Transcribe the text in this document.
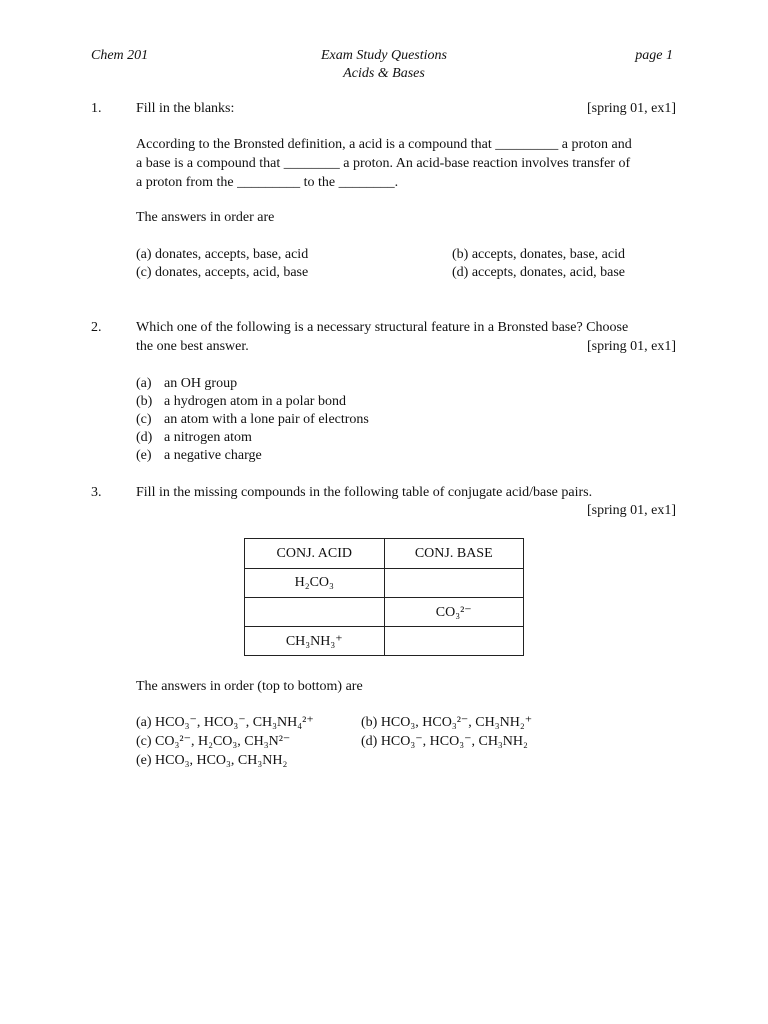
Chem 201	Exam Study Questions
Acids & Bases
page 1
1. Fill in the blanks:	[spring 01, ex1]
According to the Bronsted definition, a acid is a compound that _________ a proton and
a base is a compound that ________ a proton. An acid-base reaction involves transfer of
a proton from the _________ to the ________.
The answers in order are
(a) donates, accepts, base, acid	(b) accepts, donates, base, acid
(c) donates, accepts, acid, base	(d) accepts, donates, acid, base
2. Which one of the following is a necessary structural feature in a Bronsted base? Choose
the one best answer.	[spring 01, ex1]
(a) an OH group
(b) a hydrogen atom in a polar bond
(c) an atom with a lone pair of electrons
(d) a nitrogen atom
(e) a negative charge
3. Fill in the missing compounds in the following table of conjugate acid/base pairs.
[spring 01, ex1]
CONJ. ACID	CONJ. BASE
H₂CO₃	
	CO₃²⁻
CH₃NH₃⁺	
The answers in order (top to bottom) are
(a) HCO₃⁻, HCO₃⁻, CH₃NH₄²⁺	(b) HCO₃, HCO₃²⁻, CH₃NH₂⁺
(c) CO₃²⁻, H₂CO₃, CH₃N²⁻	(d) HCO₃⁻, HCO₃⁻, CH₃NH₂
(e) HCO₃, HCO₃, CH₃NH₂
